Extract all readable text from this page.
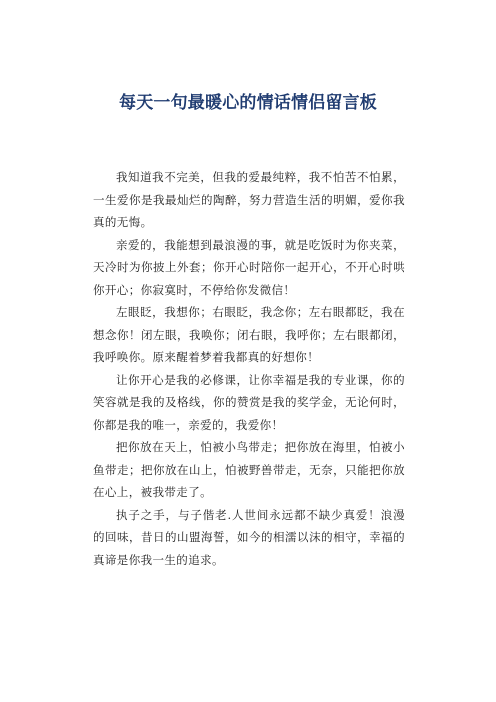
每天一句最暖心的情话情侣留言板

我知道我不完美，但我的爱最纯粹，我不怕苦不怕累，一生爱你是我最灿烂的陶醉，努力营造生活的明媚，爱你我真的无悔。

亲爱的，我能想到最浪漫的事，就是吃饭时为你夹菜，天冷时为你披上外套；你开心时陪你一起开心，不开心时哄你开心；你寂寞时，不停给你发微信！

左眼眨，我想你；右眼眨，我念你；左右眼都眨，我在想念你！闭左眼，我唤你；闭右眼，我呼你；左右眼都闭，我呼唤你。原来醒着梦着我都真的好想你！

让你开心是我的必修课，让你幸福是我的专业课，你的笑容就是我的及格线，你的赞赏是我的奖学金，无论何时，你都是我的唯一，亲爱的，我爱你！

把你放在天上，怕被小鸟带走；把你放在海里，怕被小鱼带走；把你放在山上，怕被野兽带走，无奈，只能把你放在心上，被我带走了。

执子之手，与子偕老.人世间永远都不缺少真爱！浪漫的回味，昔日的山盟海誓，如今的相濡以沫的相守，幸福的真谛是你我一生的追求。
